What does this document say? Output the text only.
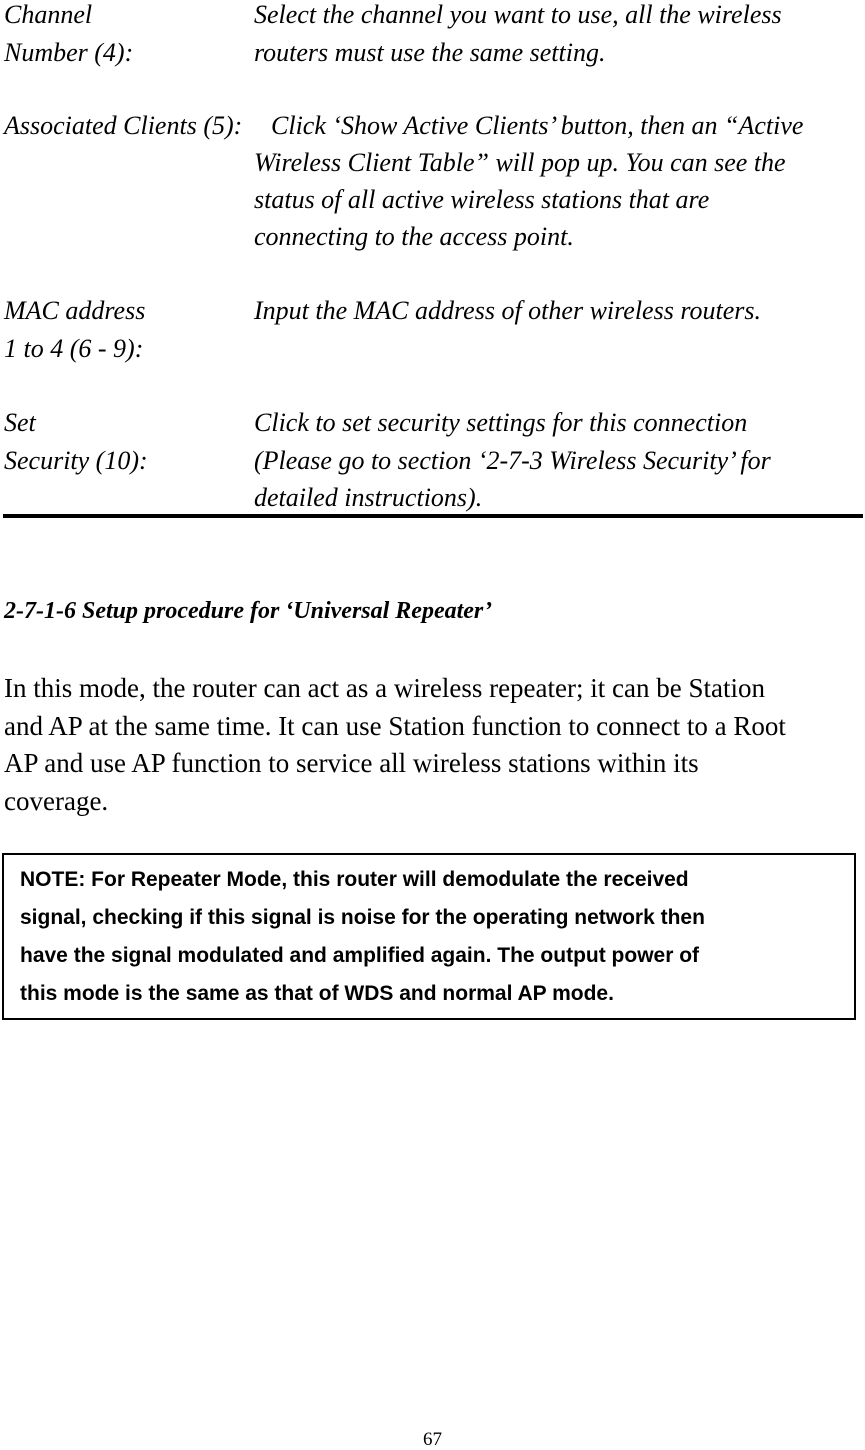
Channel
Number (4):
Select the channel you want to use, all the wireless
routers must use the same setting.
Associated Clients (5): Click ‘Show Active Clients’ button, then an “Active
Wireless Client Table” will pop up. You can see the
status of all active wireless stations that are
connecting to the access point.
MAC address
1 to 4 (6 - 9):
Input the MAC address of other wireless routers.
Set
Security (10):
Click to set security settings for this connection
(Please go to section ‘2-7-3 Wireless Security’ for
detailed instructions).
2-7-1-6 Setup procedure for ‘Universal Repeater’
In this mode, the router can act as a wireless repeater; it can be Station
and AP at the same time. It can use Station function to connect to a Root
AP and use AP function to service all wireless stations within its
coverage.
NOTE: For Repeater Mode, this router will demodulate the received
signal, checking if this signal is noise for the operating network then
have the signal modulated and amplified again. The output power of
this mode is the same as that of WDS and normal AP mode.
67
